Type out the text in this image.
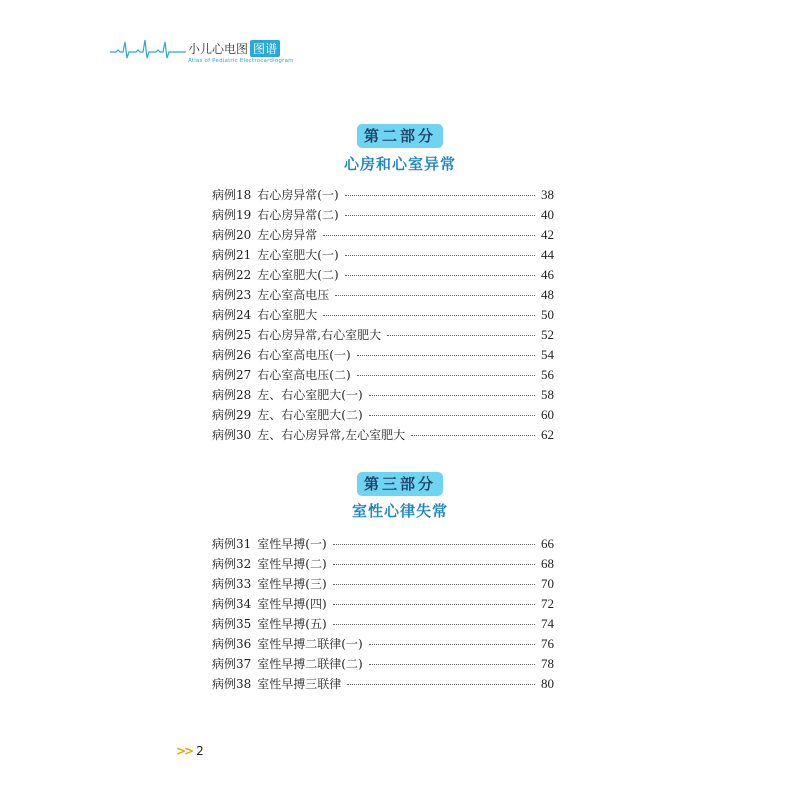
小儿心电图 图谱
Atlas of Pediatric Electrocardiogram
第二部分
心房和心室异常
病例18 右心房异常(一)	38
病例19 右心房异常(二)	40
病例20 左心房异常	42
病例21 左心室肥大(一)	44
病例22 左心室肥大(二)	46
病例23 左心室高电压	48
病例24 右心室肥大	50
病例25 右心房异常,右心室肥大	52
病例26 右心室高电压(一)	54
病例27 右心室高电压(二)	56
病例28 左、右心室肥大(一)	58
病例29 左、右心室肥大(二)	60
病例30 左、右心房异常,左心室肥大	62
第三部分
室性心律失常
病例31 室性早搏(一)	66
病例32 室性早搏(二)	68
病例33 室性早搏(三)	70
病例34 室性早搏(四)	72
病例35 室性早搏(五)	74
病例36 室性早搏二联律(一)	76
病例37 室性早搏二联律(二)	78
病例38 室性早搏三联律	80
>> 2
